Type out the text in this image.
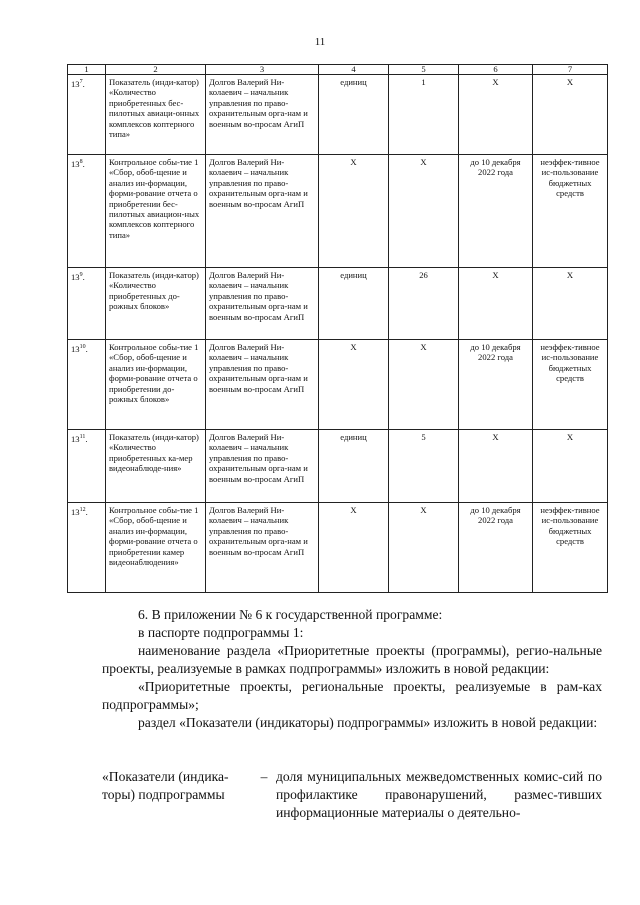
11
1	2	3	4	5	6	7
$13^7$.	Показатель (инди-катор) «Количество приобретенных бес-пилотных авиаци-онных комплексов коптерного типа»	Долгов Валерий Ни-колаевич – начальник управления по право-охранительным орга-нам и военным во-просам АгиП	единиц	1	Х	Х
$13^8$.	Контрольное собы-тие 1 «Сбор, обоб-щение и анализ ин-формации, форми-рование отчета о приобретении бес-пилотных авиацион-ных комплексов коптерного типа»	Долгов Валерий Ни-колаевич – начальник управления по право-охранительным орга-нам и военным во-просам АгиП	Х	Х	до 10 декабря 2022 года	неэффек-тивное ис-пользование бюджетных средств
$13^9$.	Показатель (инди-катор) «Количество приобретенных до-рожных блоков»	Долгов Валерий Ни-колаевич – начальник управления по право-охранительным орга-нам и военным во-просам АгиП	единиц	26	Х	Х
$13^{10}$.	Контрольное собы-тие 1 «Сбор, обоб-щение и анализ ин-формации, форми-рование отчета о приобретении до-рожных блоков»	Долгов Валерий Ни-колаевич – начальник управления по право-охранительным орга-нам и военным во-просам АгиП	Х	Х	до 10 декабря 2022 года	неэффек-тивное ис-пользование бюджетных средств
$13^{11}$.	Показатель (инди-катор) «Количество приобретенных ка-мер видеонаблюде-ния»	Долгов Валерий Ни-колаевич – начальник управления по право-охранительным орга-нам и военным во-просам АгиП	единиц	5	Х	Х
$13^{12}$.	Контрольное собы-тие 1 «Сбор, обоб-щение и анализ ин-формации, форми-рование отчета о приобретении камер видеонаблюдения»	Долгов Валерий Ни-колаевич – начальник управления по право-охранительным орга-нам и военным во-просам АгиП	Х	Х	до 10 декабря 2022 года	неэффек-тивное ис-пользование бюджетных средств

6. В приложении № 6 к государственной программе:

в паспорте подпрограммы 1:

наименование раздела «Приоритетные проекты (программы), регио-нальные проекты, реализуемые в рамках подпрограммы» изложить в новой редакции:

«Приоритетные проекты, региональные проекты, реализуемые в рам-ках подпрограммы»;

раздел «Показатели (индикаторы) подпрограммы» изложить в новой редакции:

«Показатели (индика-торы) подпрограммы
– доля муниципальных межведомственных комис-сий по профилактике правонарушений, размес-тивших информационные материалы о деятельно-
